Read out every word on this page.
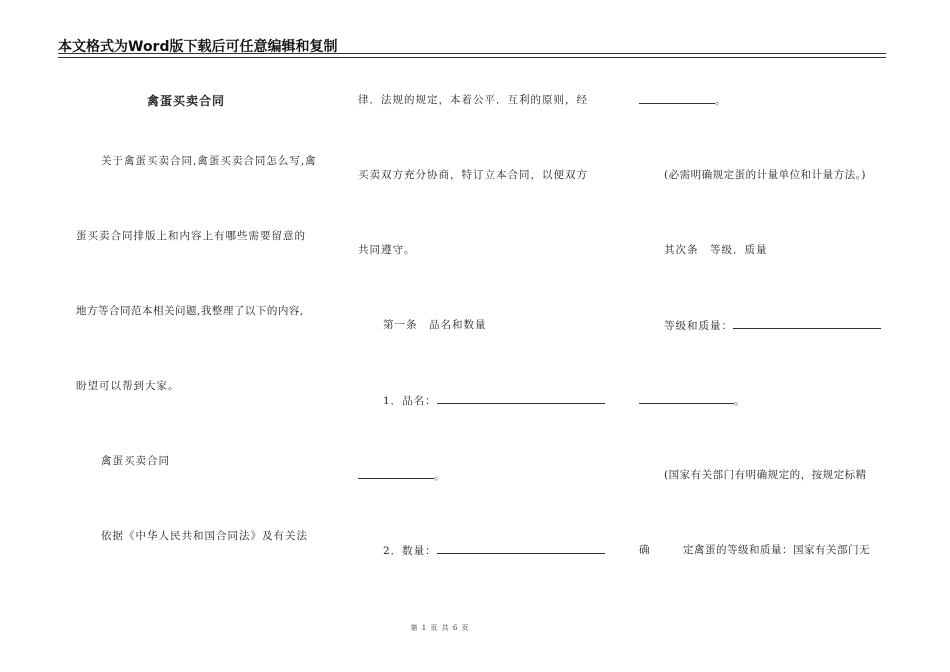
本文格式为Word版下载后可任意编辑和复制
禽蛋买卖合同
关于禽蛋买卖合同,禽蛋买卖合同怎么写,禽
蛋买卖合同排版上和内容上有哪些需要留意的
地方等合同范本相关问题,我整理了以下的内容,
盼望可以帮到大家。
禽蛋买卖合同
依据《中华人民共和国合同法》及有关法
律．法规的规定，本着公平．互利的原则，经
买卖双方充分协商，特订立本合同，以便双方
共同遵守。
第一条　品名和数量
1．品名：
。
2．数量：
。
(必需明确规定蛋的计量单位和计量方法。)
其次条　等级．质量
等级和质量：
。
(国家有关部门有明确规定的，按规定标精
确	定禽蛋的等级和质量：国家有关部门无
第 1 页 共 6 页
